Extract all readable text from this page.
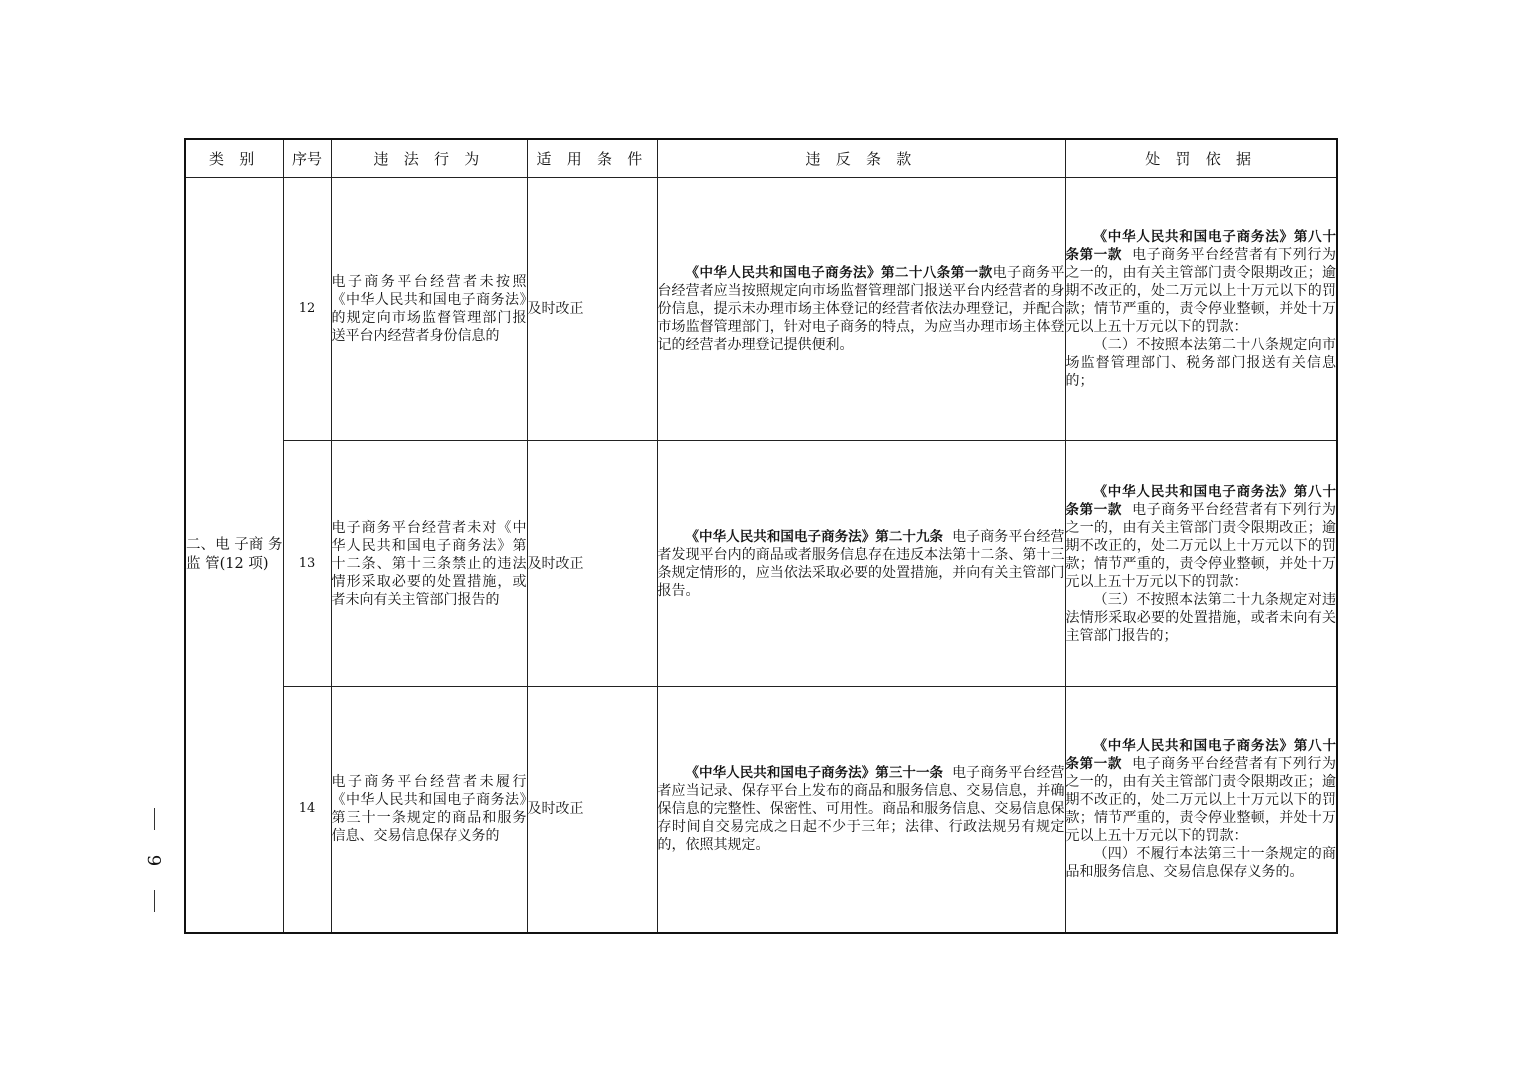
类 别	序号	违 法 行 为	适 用 条 件	违 反 条 款	处 罚 依 据
二、电 子商 务 监 管(12 项)	12	电子商务平台经营者未按照《中华人民共和国电子商务法》的规定向市场监督管理部门报送平台内经营者身份信息的	及时改正	《中华人民共和国电子商务法》第二十八条第一款电子商务平台经营者应当按照规定向市场监督管理部门报送平台内经营者的身份信息，提示未办理市场主体登记的经营者依法办理登记，并配合市场监督管理部门，针对电子商务的特点，为应当办理市场主体登记的经营者办理登记提供便利。	《中华人民共和国电子商务法》第八十条第一款 电子商务平台经营者有下列行为之一的，由有关主管部门责令限期改正；逾期不改正的，处二万元以上十万元以下的罚款；情节严重的，责令停业整顿，并处十万元以上五十万元以下的罚款：
（二）不按照本法第二十八条规定向市场监督管理部门、税务部门报送有关信息的；

	13	电子商务平台经营者未对《中华人民共和国电子商务法》第十二条、第十三条禁止的违法情形采取必要的处置措施，或者未向有关主管部门报告的	及时改正	《中华人民共和国电子商务法》第二十九条 电子商务平台经营者发现平台内的商品或者服务信息存在违反本法第十二条、第十三条规定情形的，应当依法采取必要的处置措施，并向有关主管部门报告。	《中华人民共和国电子商务法》第八十条第一款 电子商务平台经营者有下列行为之一的，由有关主管部门责令限期改正；逾期不改正的，处二万元以上十万元以下的罚款；情节严重的，责令停业整顿，并处十万元以上五十万元以下的罚款：
（三）不按照本法第二十九条规定对违法情形采取必要的处置措施，或者未向有关主管部门报告的；

	14	电子商务平台经营者未履行《中华人民共和国电子商务法》第三十一条规定的商品和服务信息、交易信息保存义务的	及时改正	《中华人民共和国电子商务法》第三十一条 电子商务平台经营者应当记录、保存平台上发布的商品和服务信息、交易信息，并确保信息的完整性、保密性、可用性。商品和服务信息、交易信息保存时间自交易完成之日起不少于三年；法律、行政法规另有规定的，依照其规定。	《中华人民共和国电子商务法》第八十条第一款 电子商务平台经营者有下列行为之一的，由有关主管部门责令限期改正；逾期不改正的，处二万元以上十万元以下的罚款；情节严重的，责令停业整顿，并处十万元以上五十万元以下的罚款：
（四）不履行本法第三十一条规定的商品和服务信息、交易信息保存义务的。
9
